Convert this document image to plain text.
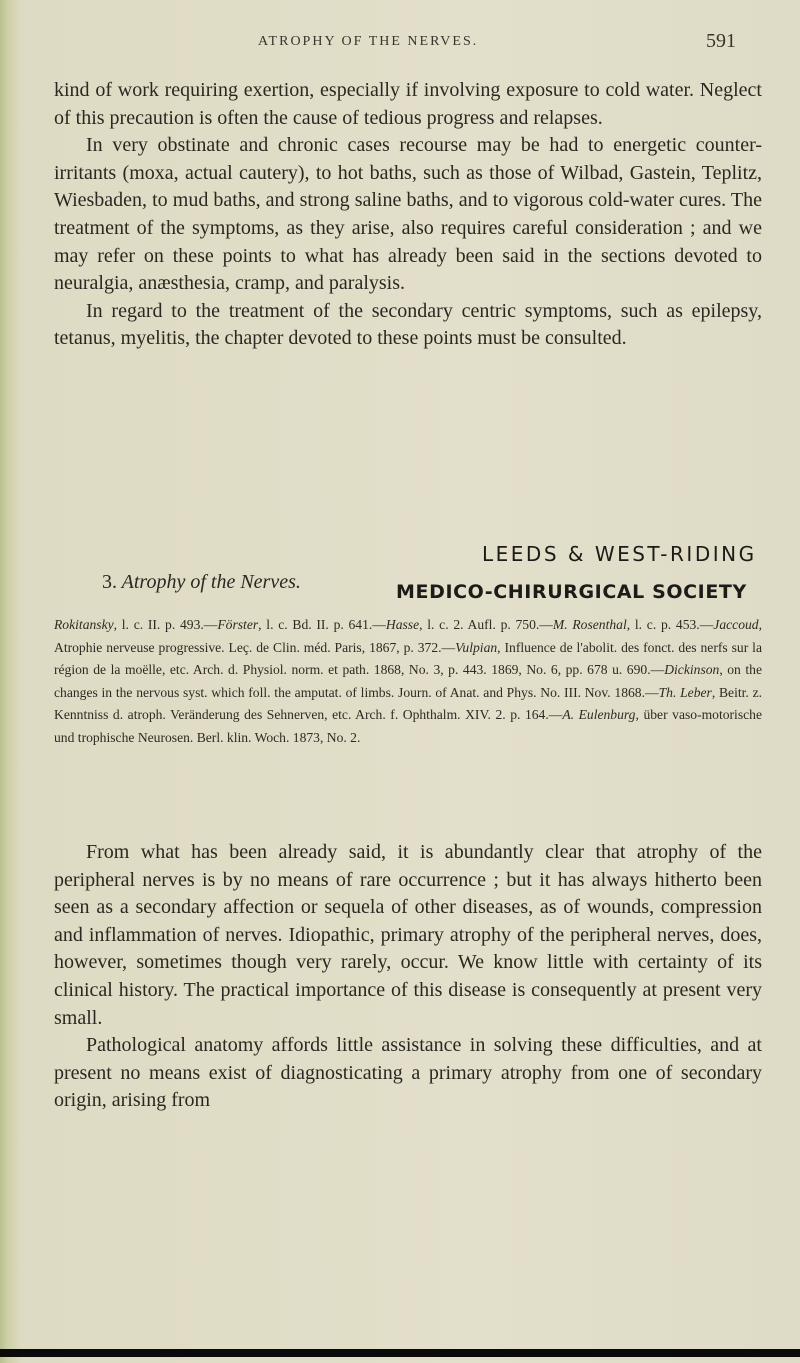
ATROPHY OF THE NERVES.	591

kind of work requiring exertion, especially if involving exposure to cold water. Neglect of this precaution is often the cause of tedious progress and relapses.

In very obstinate and chronic cases recourse may be had to energetic counter-irritants (moxa, actual cautery), to hot baths, such as those of Wilbad, Gastein, Teplitz, Wiesbaden, to mud baths, and strong saline baths, and to vigorous cold-water cures. The treatment of the symptoms, as they arise, also requires careful consideration ; and we may refer on these points to what has already been said in the sections devoted to neuralgia, anæsthesia, cramp, and paralysis.

In regard to the treatment of the secondary centric symptoms, such as epilepsy, tetanus, myelitis, the chapter devoted to these points must be consulted.

LEEDS & WEST-RIDING
3. Atrophy of the Nerves.	MEDICO-CHIRURGICAL SOCIETY
Rokitansky, l. c. II. p. 493.—Förster, l. c. Bd. II. p. 641.—Hasse, l. c. 2. Aufl. p. 750.—M. Rosenthal, l. c. p. 453.—Jaccoud, Atrophie nerveuse progressive. Leç. de Clin. méd. Paris, 1867, p. 372.—Vulpian, Influence de l'abolit. des fonct. des nerfs sur la région de la moëlle, etc. Arch. d. Physiol. norm. et path. 1868, No. 3, p. 443. 1869, No. 6, pp. 678 u. 690.—Dickinson, on the changes in the nervous syst. which foll. the amputat. of limbs. Journ. of Anat. and Phys. No. III. Nov. 1868.—Th. Leber, Beitr. z. Kenntniss d. atroph. Veränderung des Sehnerven, etc. Arch. f. Ophthalm. XIV. 2. p. 164.—A. Eulenburg, über vaso-motorische und trophische Neurosen. Berl. klin. Woch. 1873, No. 2.

From what has been already said, it is abundantly clear that atrophy of the peripheral nerves is by no means of rare occurrence ; but it has always hitherto been seen as a secondary affection or sequela of other diseases, as of wounds, compression and inflammation of nerves. Idiopathic, primary atrophy of the peripheral nerves, does, however, sometimes though very rarely, occur. We know little with certainty of its clinical history. The practical importance of this disease is consequently at present very small.

Pathological anatomy affords little assistance in solving these difficulties, and at present no means exist of diagnosticating a primary atrophy from one of secondary origin, arising from
